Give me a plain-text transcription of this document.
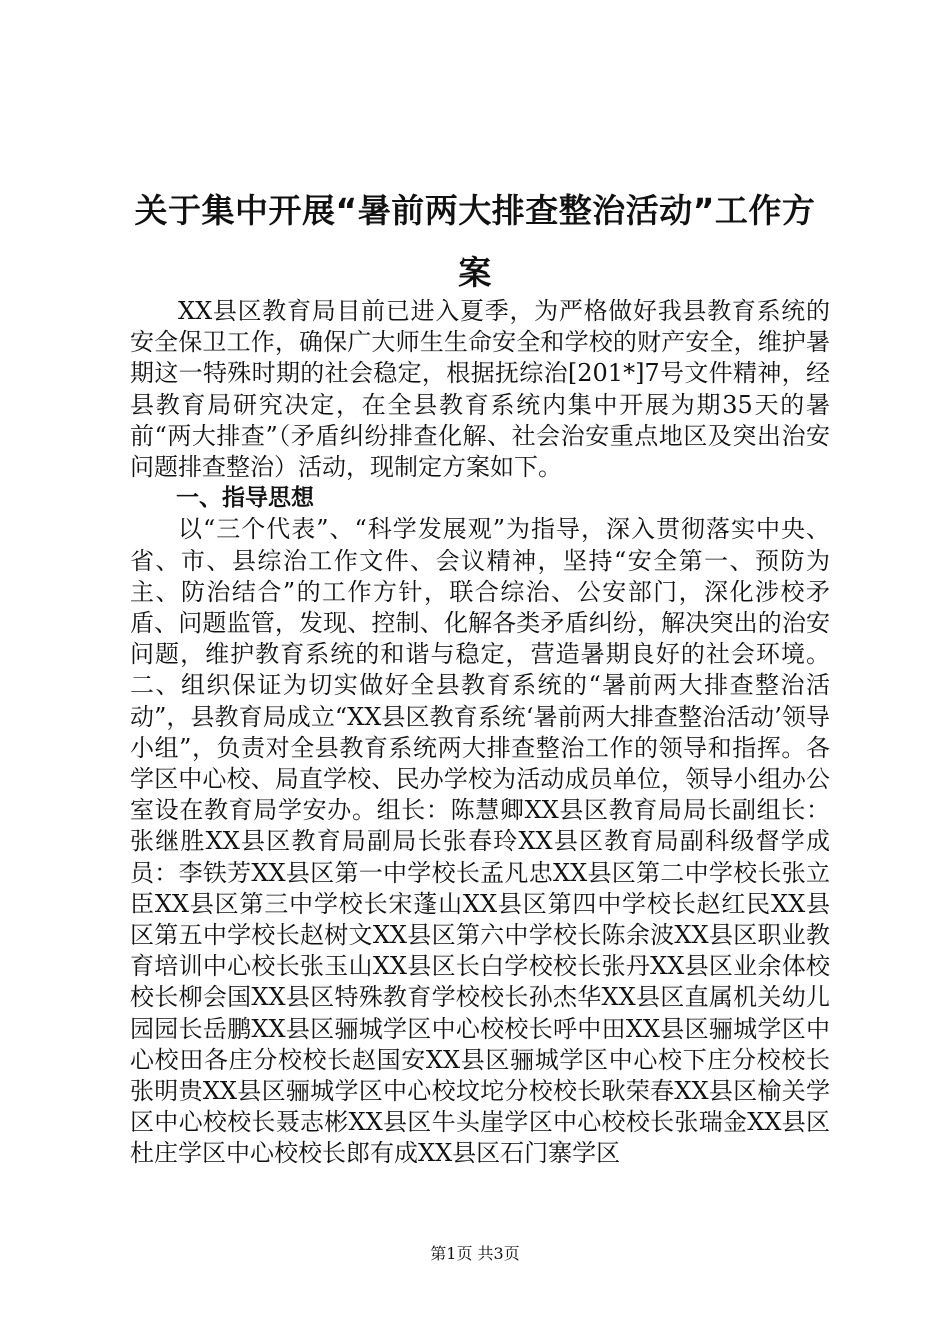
关于集中开展“暑前两大排查整治活动”工作方案

XX县区教育局目前已进入夏季，为严格做好我县教育系统的安全保卫工作，确保广大师生生命安全和学校的财产安全，维护暑期这一特殊时期的社会稳定，根据抚综治[201*]7号文件精神，经县教育局研究决定，在全县教育系统内集中开展为期35天的暑前“两大排查”（矛盾纠纷排查化解、社会治安重点地区及突出治安问题排查整治）活动，现制定方案如下。

一、指导思想

以“三个代表”、“科学发展观”为指导，深入贯彻落实中央、省、市、县综治工作文件、会议精神，坚持“安全第一、预防为主、防治结合”的工作方针，联合综治、公安部门，深化涉校矛盾、问题监管，发现、控制、化解各类矛盾纠纷，解决突出的治安问题，维护教育系统的和谐与稳定，营造暑期良好的社会环境。二、组织保证为切实做好全县教育系统的“暑前两大排查整治活动”，县教育局成立“XX县区教育系统‘暑前两大排查整治活动’领导小组”，负责对全县教育系统两大排查整治工作的领导和指挥。各学区中心校、局直学校、民办学校为活动成员单位，领导小组办公室设在教育局学安办。组长：陈慧卿XX县区教育局局长副组长：张继胜XX县区教育局副局长张春玲XX县区教育局副科级督学成员：李铁芳XX县区第一中学校长孟凡忠XX县区第二中学校长张立臣XX县区第三中学校长宋蓬山XX县区第四中学校长赵红民XX县区第五中学校长赵树文XX县区第六中学校长陈余波XX县区职业教育培训中心校长张玉山XX县区长白学校校长张丹XX县区业余体校校长柳会国XX县区特殊教育学校校长孙杰华XX县区直属机关幼儿园园长岳鹏XX县区骊城学区中心校校长呼中田XX县区骊城学区中心校田各庄分校校长赵国安XX县区骊城学区中心校下庄分校校长张明贵XX县区骊城学区中心校坟坨分校校长耿荣春XX县区榆关学区中心校校长聂志彬XX县区牛头崖学区中心校校长张瑞金XX县区杜庄学区中心校校长郎有成XX县区石门寨学区

第1页 共3页
